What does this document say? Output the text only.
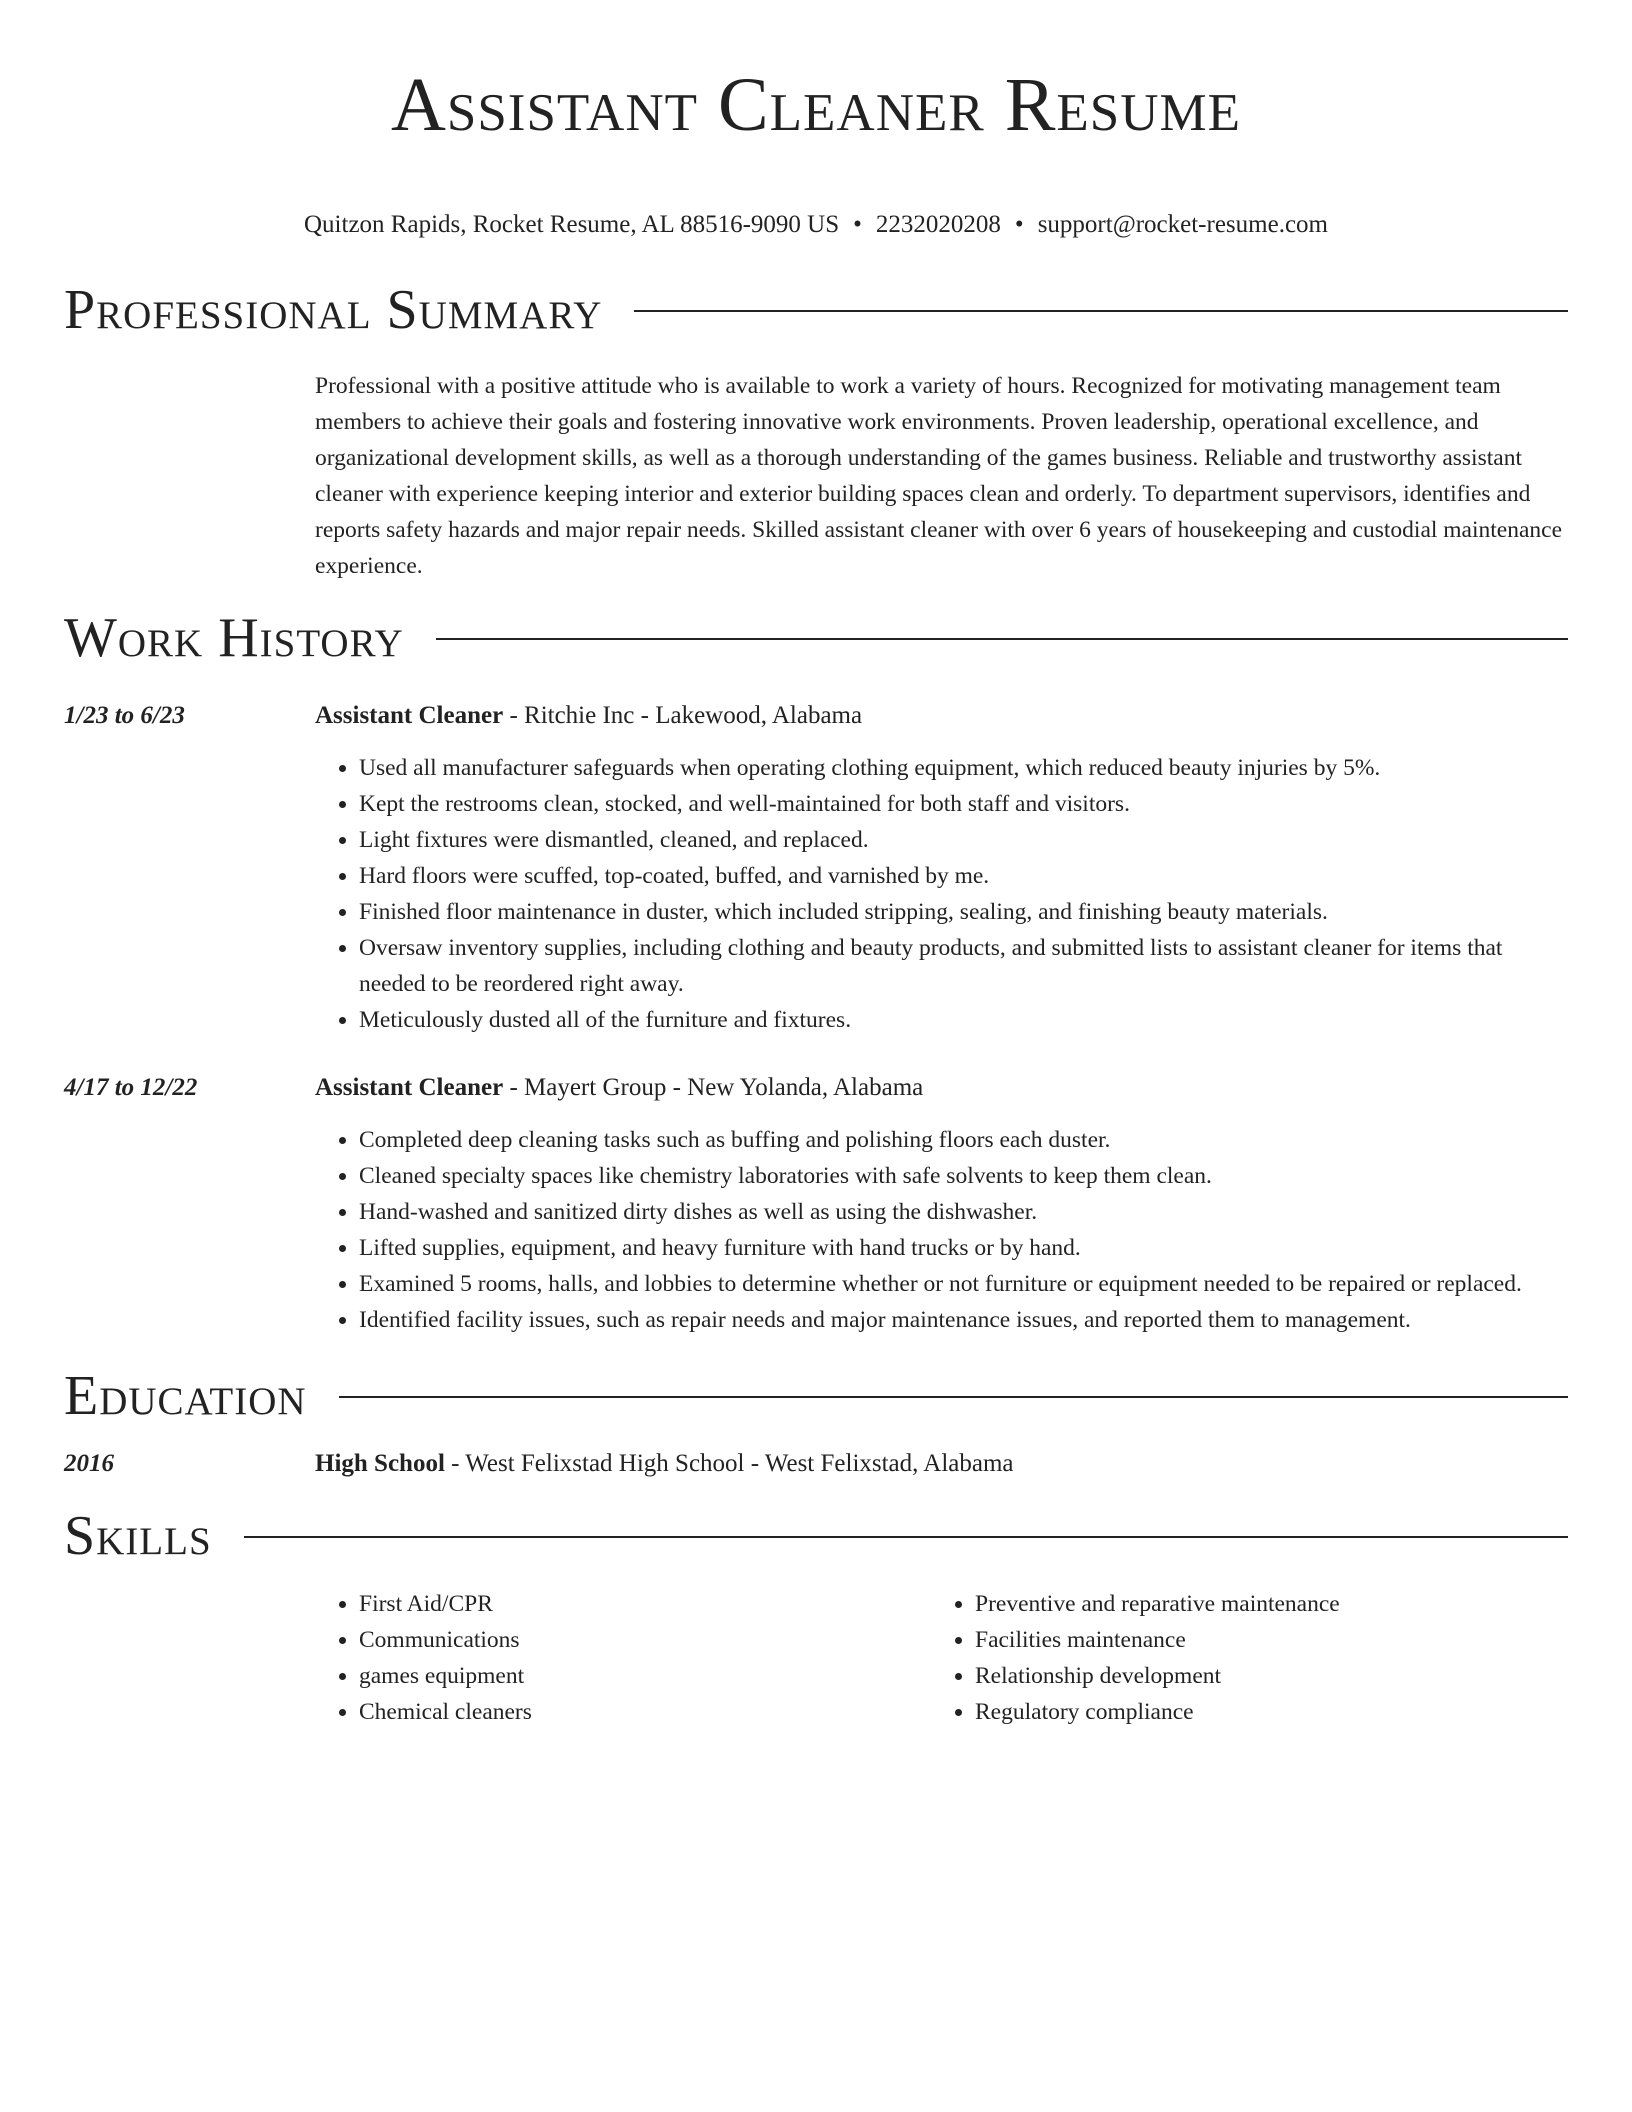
Assistant Cleaner Resume
Quitzon Rapids, Rocket Resume, AL 88516-9090 US • 2232020208 • support@rocket-resume.com
Professional Summary
Professional with a positive attitude who is available to work a variety of hours. Recognized for motivating management team members to achieve their goals and fostering innovative work environments. Proven leadership, operational excellence, and organizational development skills, as well as a thorough understanding of the games business. Reliable and trustworthy assistant cleaner with experience keeping interior and exterior building spaces clean and orderly. To department supervisors, identifies and reports safety hazards and major repair needs. Skilled assistant cleaner with over 6 years of housekeeping and custodial maintenance experience.
Work History
1/23 to 6/23	Assistant Cleaner - Ritchie Inc - Lakewood, Alabama
• Used all manufacturer safeguards when operating clothing equipment, which reduced beauty injuries by 5%.
• Kept the restrooms clean, stocked, and well-maintained for both staff and visitors.
• Light fixtures were dismantled, cleaned, and replaced.
• Hard floors were scuffed, top-coated, buffed, and varnished by me.
• Finished floor maintenance in duster, which included stripping, sealing, and finishing beauty materials.
• Oversaw inventory supplies, including clothing and beauty products, and submitted lists to assistant cleaner for items that needed to be reordered right away.
• Meticulously dusted all of the furniture and fixtures.
4/17 to 12/22	Assistant Cleaner - Mayert Group - New Yolanda, Alabama
• Completed deep cleaning tasks such as buffing and polishing floors each duster.
• Cleaned specialty spaces like chemistry laboratories with safe solvents to keep them clean.
• Hand-washed and sanitized dirty dishes as well as using the dishwasher.
• Lifted supplies, equipment, and heavy furniture with hand trucks or by hand.
• Examined 5 rooms, halls, and lobbies to determine whether or not furniture or equipment needed to be repaired or replaced.
• Identified facility issues, such as repair needs and major maintenance issues, and reported them to management.
Education
2016	High School - West Felixstad High School - West Felixstad, Alabama
Skills
• First Aid/CPR
• Communications
• games equipment
• Chemical cleaners
• Preventive and reparative maintenance
• Facilities maintenance
• Relationship development
• Regulatory compliance
